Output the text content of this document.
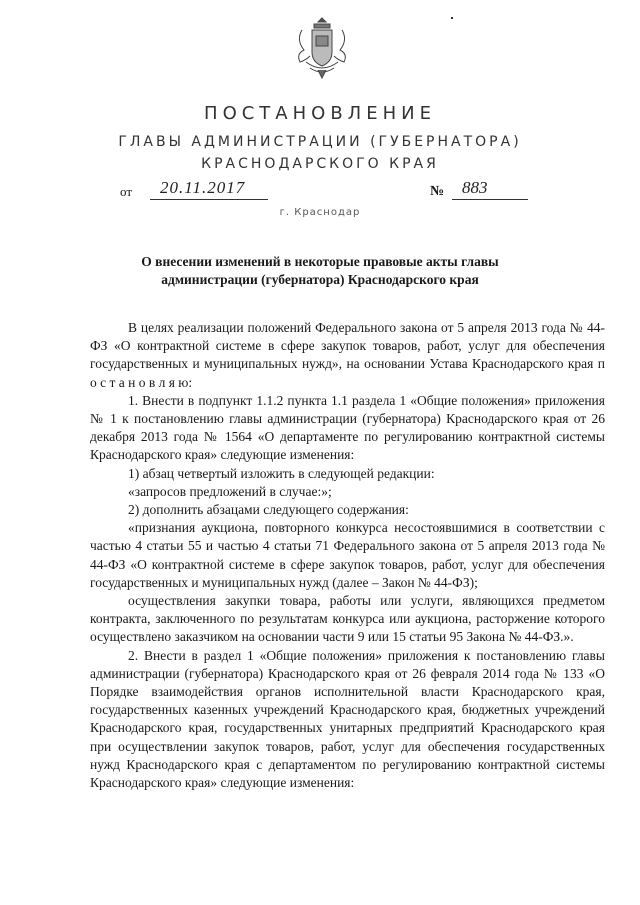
ПОСТАНОВЛЕНИЕ
ГЛАВЫ АДМИНИСТРАЦИИ (ГУБЕРНАТОРА)
КРАСНОДАРСКОГО КРАЯ
от 20.11.2017	№ 883
г. Краснодар
О внесении изменений в некоторые правовые акты главы
администрации (губернатора) Краснодарского края

В целях реализации положений Федерального закона от 5 апреля 2013 года № 44-ФЗ «О контрактной системе в сфере закупок товаров, работ, услуг для обеспечения государственных и муниципальных нужд», на основании Устава Краснодарского края п о с т а н о в л я ю:

1. Внести в подпункт 1.1.2 пункта 1.1 раздела 1 «Общие положения» приложения № 1 к постановлению главы администрации (губернатора) Краснодарского края от 26 декабря 2013 года № 1564 «О департаменте по регулированию контрактной системы Краснодарского края» следующие изменения:

1) абзац четвертый изложить в следующей редакции:

«запросов предложений в случае:»;

2) дополнить абзацами следующего содержания:

«признания аукциона, повторного конкурса несостоявшимися в соответствии с частью 4 статьи 55 и частью 4 статьи 71 Федерального закона от 5 апреля 2013 года № 44-ФЗ «О контрактной системе в сфере закупок товаров, работ, услуг для обеспечения государственных и муниципальных нужд (далее – Закон № 44-ФЗ);

осуществления закупки товара, работы или услуги, являющихся предметом контракта, заключенного по результатам конкурса или аукциона, расторжение которого осуществлено заказчиком на основании части 9 или 15 статьи 95 Закона № 44-ФЗ.».

2. Внести в раздел 1 «Общие положения» приложения к постановлению главы администрации (губернатора) Краснодарского края от 26 февраля 2014 года № 133 «О Порядке взаимодействия органов исполнительной власти Краснодарского края, государственных казенных учреждений Краснодарского края, бюджетных учреждений Краснодарского края, государственных унитарных предприятий Краснодарского края при осуществлении закупок товаров, работ, услуг для обеспечения государственных нужд Краснодарского края с департаментом по регулированию контрактной системы Краснодарского края» следующие изменения:
